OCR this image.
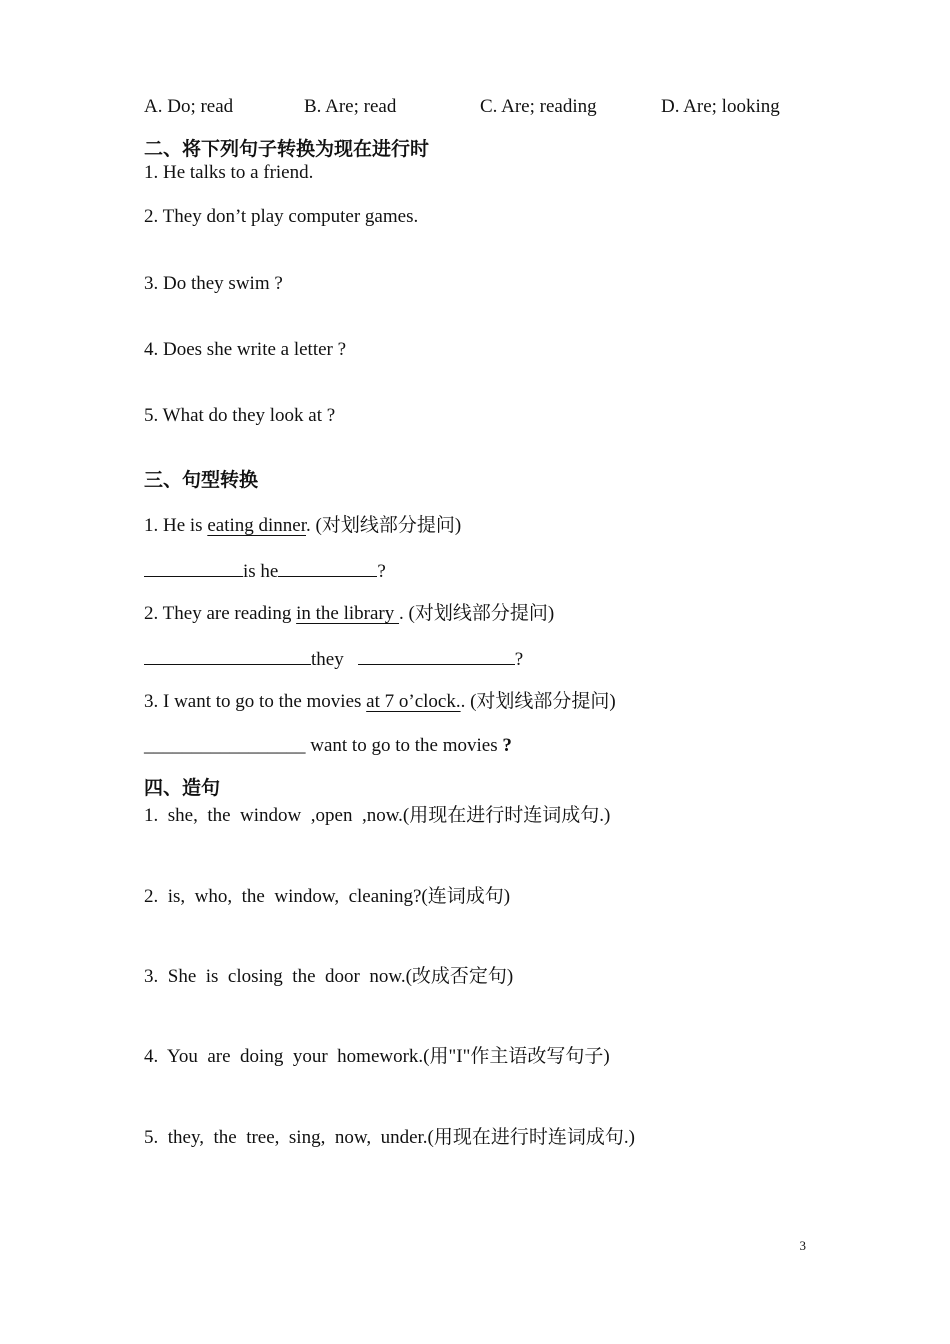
A. Do; read	B. Are; read	C. Are; reading	D. Are; looking
二、将下列句子转换为现在进行时
1. He talks to a friend.
2. They don’t play computer games.
3. Do they swim ?
4. Does she write a letter ?
5. What do they look at ?
三、句型转换
1. He is eating dinner. (对划线部分提问)
is he	?
2. They are reading in the library . (对划线部分提问)
they	?
3. I want to go to the movies at 7 o’clock.. (对划线部分提问)
_________________ want to go to the movies ?
四、造句
1.  she,  the  window  ,open  ,now.(用现在进行时连词成句.)
2.  is,  who,  the  window,  cleaning?(连词成句)
3.  She  is  closing  the  door  now.(改成否定句)
4.  You  are  doing  your  homework.(用"I"作主语改写句子)
5.  they,  the  tree,  sing,  now,  under.(用现在进行时连词成句.)
3
